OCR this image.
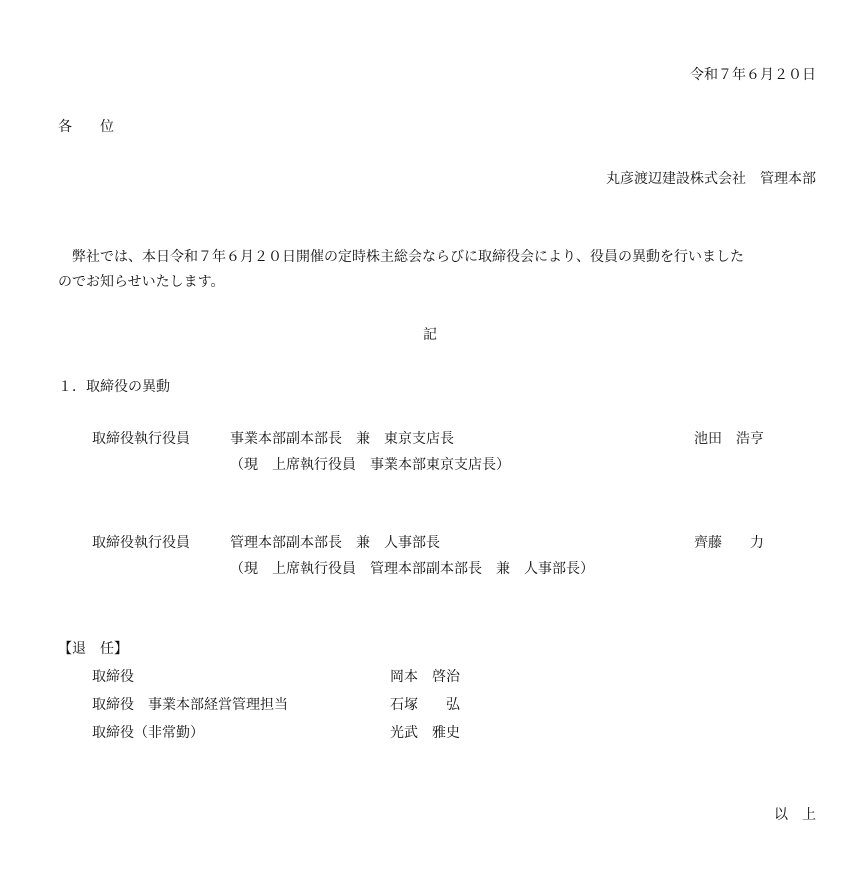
令和７年６月２０日
各　　位
丸彦渡辺建設株式会社　管理本部
　弊社では、本日令和７年６月２０日開催の定時株主総会ならびに取締役会により、役員の異動を行いました
のでお知らせいたします。
記
１．取締役の異動
取締役執行役員	事業本部副本部長　兼　東京支店長	池田　浩亨
（現　上席執行役員　事業本部東京支店長）
取締役執行役員	管理本部副本部長　兼　人事部長	齊藤　　力
（現　上席執行役員　管理本部副本部長　兼　人事部長）
【退　任】
取締役	岡本　啓治
取締役　事業本部経営管理担当	石塚　　弘
取締役（非常勤）	光武　雅史
以　上
